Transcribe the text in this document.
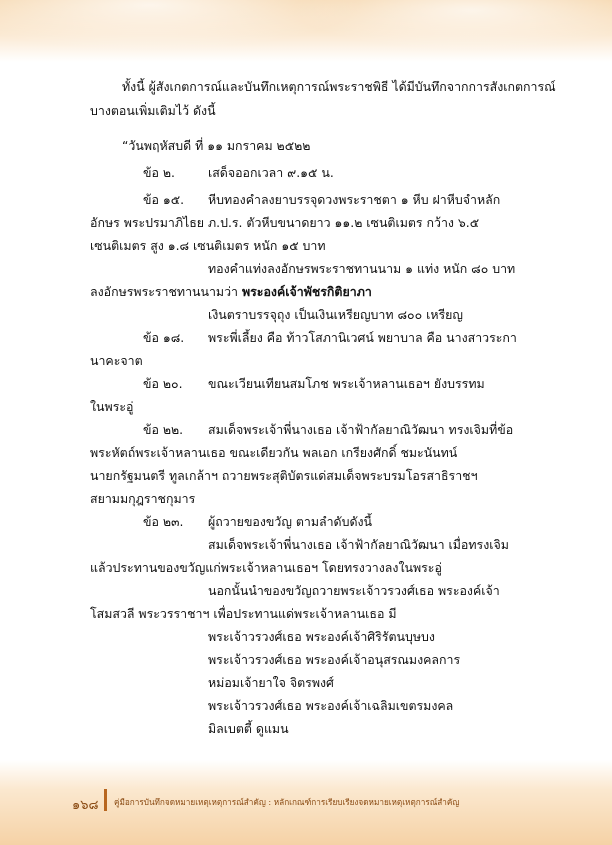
ทั้งนี้ ผู้สังเกตการณ์และบันทึกเหตุการณ์พระราชพิธี ได้มีบันทึกจากการสังเกตการณ์
บางตอนเพิ่มเติมไว้ ดังนี้
“วันพฤหัสบดี ที่ ๑๑ มกราคม ๒๕๒๒
ข้อ ๒.	เสด็จออกเวลา ๙.๑๕ น.
ข้อ ๑๕. หีบทองคำลงยาบรรจุดวงพระราชตา ๑ หีบ ฝาหีบจำหลัก
อักษร พระปรมาภิไธย ภ.ป.ร. ตัวหีบขนาดยาว ๑๑.๒ เซนติเมตร กว้าง ๖.๕
เซนติเมตร สูง ๑.๘ เซนติเมตร หนัก ๑๕ บาท
ทองคำแท่งลงอักษรพระราชทานนาม ๑ แท่ง หนัก ๘๐ บาท
ลงอักษรพระราชทานนามว่า พระองค์เจ้าพัชรกิติยาภา
เงินตราบรรจุถุง เป็นเงินเหรียญบาท ๘๐๐ เหรียญ
ข้อ ๑๘. พระพี่เลี้ยง คือ ท้าวโสภานิเวศน์ พยาบาล คือ นางสาวระกา
นาคะจาต
ข้อ ๒๐. ขณะเวียนเทียนสมโภช พระเจ้าหลานเธอฯ ยังบรรทม
ในพระอู่
ข้อ ๒๒. สมเด็จพระเจ้าพี่นางเธอ เจ้าฟ้ากัลยาณิวัฒนา ทรงเจิมที่ข้อ
พระหัตถ์พระเจ้าหลานเธอ ขณะเดียวกัน พลเอก เกรียงศักดิ์ ชมะนันทน์
นายกรัฐมนตรี ทูลเกล้าฯ ถวายพระสุติบัตรแด่สมเด็จพระบรมโอรสาธิราชฯ
สยามมกุฎราชกุมาร
ข้อ ๒๓. ผู้ถวายของขวัญ ตามลำดับดังนี้
สมเด็จพระเจ้าพี่นางเธอ เจ้าฟ้ากัลยาณิวัฒนา เมื่อทรงเจิม
แล้วประทานของขวัญแก่พระเจ้าหลานเธอฯ โดยทรงวางลงในพระอู่
นอกนั้นนำของขวัญถวายพระเจ้าวรวงศ์เธอ พระองค์เจ้า
โสมสวลี พระวรราชาฯ เพื่อประทานแด่พระเจ้าหลานเธอ มี
พระเจ้าวรวงศ์เธอ พระองค์เจ้าศิริรัตนบุษบง
พระเจ้าวรวงศ์เธอ พระองค์เจ้าอนุสรณมงคลการ
หม่อมเจ้ายาใจ จิตรพงศ์
พระเจ้าวรวงศ์เธอ พระองค์เจ้าเฉลิมเขตรมงคล
มิลเบตตี้ ดูแมน
๑๖๘ คู่มือการบันทึกจดหมายเหตุเหตุการณ์สำคัญ : หลักเกณฑ์การเรียบเรียงจดหมายเหตุเหตุการณ์สำคัญ
